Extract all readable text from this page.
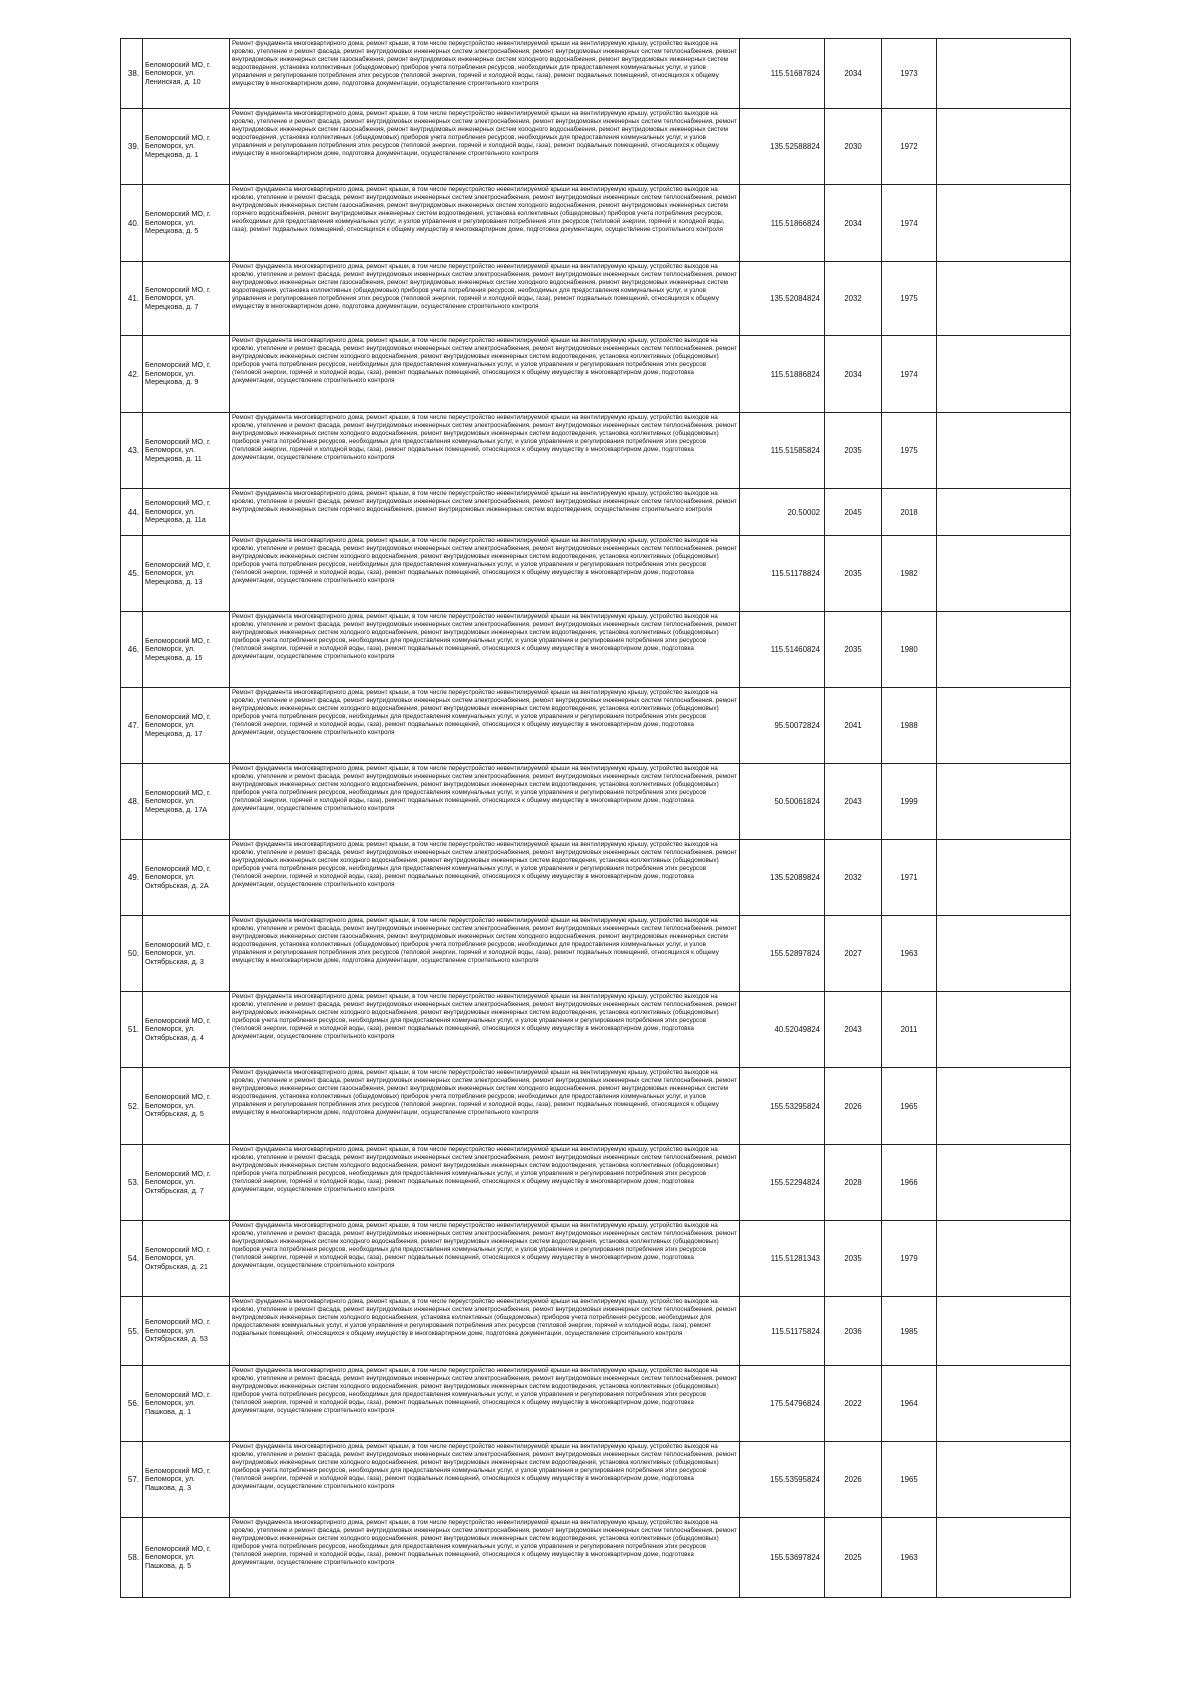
38.	Беломорский МО, г. Беломорск, ул. Ленинская, д. 10	Ремонт фундамента многоквартирного дома, ремонт крыши, в том числе переустройство невентилируемой крыши на вентилируемую крышу, устройство выходов на кровлю, утепление и ремонт фасада, ремонт внутридомовых инженерных систем электроснабжения, ремонт внутридомовых инженерных систем теплоснабжения, ремонт внутридомовых инженерных систем газоснабжения, ремонт внутридомовых инженерных систем холодного водоснабжения, ремонт внутридомовых инженерных систем водоотведения, установка коллективных (общедомовых) приборов учета потребления ресурсов, необходимых для предоставления коммунальных услуг, и узлов управления и регулирования потребления этих ресурсов (тепловой энергии, горячей и холодной воды, газа), ремонт подвальных помещений, относящихся к общему имуществу в многоквартирном доме, подготовка документации, осуществление строительного контроля	115.51687824	2034	1973	
39.	Беломорский МО, г. Беломорск, ул. Мерецкова, д. 1	Ремонт фундамента многоквартирного дома, ремонт крыши, в том числе переустройство невентилируемой крыши на вентилируемую крышу, устройство выходов на кровлю, утепление и ремонт фасада, ремонт внутридомовых инженерных систем электроснабжения, ремонт внутридомовых инженерных систем теплоснабжения, ремонт внутридомовых инженерных систем газоснабжения, ремонт внутридомовых инженерных систем холодного водоснабжения, ремонт внутридомовых инженерных систем водоотведения, установка коллективных (общедомовых) приборов учета потребления ресурсов, необходимых для предоставления коммунальных услуг, и узлов управления и регулирования потребления этих ресурсов (тепловой энергии, горячей и холодной воды, газа), ремонт подвальных помещений, относящихся к общему имуществу в многоквартирном доме, подготовка документации, осуществление строительного контроля	135.52588824	2030	1972	
40.	Беломорский МО, г. Беломорск, ул. Мерецкова, д. 5	Ремонт фундамента многоквартирного дома, ремонт крыши, в том числе переустройство невентилируемой крыши на вентилируемую крышу, устройство выходов на кровлю, утепление и ремонт фасада, ремонт внутридомовых инженерных систем электроснабжения, ремонт внутридомовых инженерных систем теплоснабжения, ремонт внутридомовых инженерных систем газоснабжения, ремонт внутридомовых инженерных систем холодного водоснабжения, ремонт внутридомовых инженерных систем горячего водоснабжения, ремонт внутридомовых инженерных систем водоотведения, установка коллективных (общедомовых) приборов учета потребления ресурсов, необходимых для предоставления коммунальных услуг, и узлов управления и регулирования потребления этих ресурсов (тепловой энергии, горячей и холодной воды, газа), ремонт подвальных помещений, относящихся к общему имуществу в многоквартирном доме, подготовка документации, осуществление строительного контроля	115.51866824	2034	1974	
41.	Беломорский МО, г. Беломорск, ул. Мерецкова, д. 7	Ремонт фундамента многоквартирного дома, ремонт крыши, в том числе переустройство невентилируемой крыши на вентилируемую крышу, устройство выходов на кровлю, утепление и ремонт фасада, ремонт внутридомовых инженерных систем электроснабжения, ремонт внутридомовых инженерных систем теплоснабжения, ремонт внутридомовых инженерных систем газоснабжения, ремонт внутридомовых инженерных систем холодного водоснабжения, ремонт внутридомовых инженерных систем водоотведения, установка коллективных (общедомовых) приборов учета потребления ресурсов, необходимых для предоставления коммунальных услуг, и узлов управления и регулирования потребления этих ресурсов (тепловой энергии, горячей и холодной воды, газа), ремонт подвальных помещений, относящихся к общему имуществу в многоквартирном доме, подготовка документации, осуществление строительного контроля	135.52084824	2032	1975	
42.	Беломорский МО, г. Беломорск, ул. Мерецкова, д. 9	Ремонт фундамента многоквартирного дома, ремонт крыши, в том числе переустройство невентилируемой крыши на вентилируемую крышу, устройство выходов на кровлю, утепление и ремонт фасада, ремонт внутридомовых инженерных систем электроснабжения, ремонт внутридомовых инженерных систем теплоснабжения, ремонт внутридомовых инженерных систем холодного водоснабжения, ремонт внутридомовых инженерных систем водоотведения, установка коллективных (общедомовых) приборов учета потребления ресурсов, необходимых для предоставления коммунальных услуг, и узлов управления и регулирования потребления этих ресурсов (тепловой энергии, горячей и холодной воды, газа), ремонт подвальных помещений, относящихся к общему имуществу в многоквартирном доме, подготовка документации, осуществление строительного контроля	115.51886824	2034	1974	
43.	Беломорский МО, г. Беломорск, ул. Мерецкова, д. 11	Ремонт фундамента многоквартирного дома, ремонт крыши, в том числе переустройство невентилируемой крыши на вентилируемую крышу, устройство выходов на кровлю, утепление и ремонт фасада, ремонт внутридомовых инженерных систем электроснабжения, ремонт внутридомовых инженерных систем теплоснабжения, ремонт внутридомовых инженерных систем холодного водоснабжения, ремонт внутридомовых инженерных систем водоотведения, установка коллективных (общедомовых) приборов учета потребления ресурсов, необходимых для предоставления коммунальных услуг, и узлов управления и регулирования потребления этих ресурсов (тепловой энергии, горячей и холодной воды, газа), ремонт подвальных помещений, относящихся к общему имуществу в многоквартирном доме, подготовка документации, осуществление строительного контроля	115.51585824	2035	1975	
44.	Беломорский МО, г. Беломорск, ул. Мерецкова, д. 11а	Ремонт фундамента многоквартирного дома, ремонт крыши, в том числе переустройство невентилируемой крыши на вентилируемую крышу, устройство выходов на кровлю, утепление и ремонт фасада, ремонт внутридомовых инженерных систем электроснабжения, ремонт внутридомовых инженерных систем теплоснабжения, ремонт внутридомовых инженерных систем горячего водоснабжения, ремонт внутридомовых инженерных систем водоотведения, осуществление строительного контроля	20.50002	2045	2018	
45.	Беломорский МО, г. Беломорск, ул. Мерецкова, д. 13	Ремонт фундамента многоквартирного дома, ремонт крыши, в том числе переустройство невентилируемой крыши на вентилируемую крышу, устройство выходов на кровлю, утепление и ремонт фасада, ремонт внутридомовых инженерных систем электроснабжения, ремонт внутридомовых инженерных систем теплоснабжения, ремонт внутридомовых инженерных систем холодного водоснабжения, ремонт внутридомовых инженерных систем водоотведения, установка коллективных (общедомовых) приборов учета потребления ресурсов, необходимых для предоставления коммунальных услуг, и узлов управления и регулирования потребления этих ресурсов (тепловой энергии, горячей и холодной воды, газа), ремонт подвальных помещений, относящихся к общему имуществу в многоквартирном доме, подготовка документации, осуществление строительного контроля	115.51178824	2035	1982	
46.	Беломорский МО, г. Беломорск, ул. Мерецкова, д. 15	Ремонт фундамента многоквартирного дома, ремонт крыши, в том числе переустройство невентилируемой крыши на вентилируемую крышу, устройство выходов на кровлю, утепление и ремонт фасада, ремонт внутридомовых инженерных систем электроснабжения, ремонт внутридомовых инженерных систем теплоснабжения, ремонт внутридомовых инженерных систем холодного водоснабжения, ремонт внутридомовых инженерных систем водоотведения, установка коллективных (общедомовых) приборов учета потребления ресурсов, необходимых для предоставления коммунальных услуг, и узлов управления и регулирования потребления этих ресурсов (тепловой энергии, горячей и холодной воды, газа), ремонт подвальных помещений, относящихся к общему имуществу в многоквартирном доме, подготовка документации, осуществление строительного контроля	115.51460824	2035	1980	
47.	Беломорский МО, г. Беломорск, ул. Мерецкова, д. 17	Ремонт фундамента многоквартирного дома, ремонт крыши, в том числе переустройство невентилируемой крыши на вентилируемую крышу, устройство выходов на кровлю, утепление и ремонт фасада, ремонт внутридомовых инженерных систем электроснабжения, ремонт внутридомовых инженерных систем теплоснабжения, ремонт внутридомовых инженерных систем холодного водоснабжения, ремонт внутридомовых инженерных систем водоотведения, установка коллективных (общедомовых) приборов учета потребления ресурсов, необходимых для предоставления коммунальных услуг, и узлов управления и регулирования потребления этих ресурсов (тепловой энергии, горячей и холодной воды, газа), ремонт подвальных помещений, относящихся к общему имуществу в многоквартирном доме, подготовка документации, осуществление строительного контроля	95.50072824	2041	1988	
48.	Беломорский МО, г. Беломорск, ул. Мерецкова, д. 17А	Ремонт фундамента многоквартирного дома, ремонт крыши, в том числе переустройство невентилируемой крыши на вентилируемую крышу, устройство выходов на кровлю, утепление и ремонт фасада, ремонт внутридомовых инженерных систем электроснабжения, ремонт внутридомовых инженерных систем теплоснабжения, ремонт внутридомовых инженерных систем холодного водоснабжения, ремонт внутридомовых инженерных систем водоотведения, установка коллективных (общедомовых) приборов учета потребления ресурсов, необходимых для предоставления коммунальных услуг, и узлов управления и регулирования потребления этих ресурсов (тепловой энергии, горячей и холодной воды, газа), ремонт подвальных помещений, относящихся к общему имуществу в многоквартирном доме, подготовка документации, осуществление строительного контроля	50.50061824	2043	1999	
49.	Беломорский МО, г. Беломорск, ул. Октябрьская, д. 2А	Ремонт фундамента многоквартирного дома, ремонт крыши, в том числе переустройство невентилируемой крыши на вентилируемую крышу, устройство выходов на кровлю, утепление и ремонт фасада, ремонт внутридомовых инженерных систем электроснабжения, ремонт внутридомовых инженерных систем теплоснабжения, ремонт внутридомовых инженерных систем холодного водоснабжения, ремонт внутридомовых инженерных систем водоотведения, установка коллективных (общедомовых) приборов учета потребления ресурсов, необходимых для предоставления коммунальных услуг, и узлов управления и регулирования потребления этих ресурсов (тепловой энергии, горячей и холодной воды, газа), ремонт подвальных помещений, относящихся к общему имуществу в многоквартирном доме, подготовка документации, осуществление строительного контроля	135.52089824	2032	1971	
50.	Беломорский МО, г. Беломорск, ул. Октябрьская, д. 3	Ремонт фундамента многоквартирного дома, ремонт крыши, в том числе переустройство невентилируемой крыши на вентилируемую крышу, устройство выходов на кровлю, утепление и ремонт фасада, ремонт внутридомовых инженерных систем электроснабжения, ремонт внутридомовых инженерных систем теплоснабжения, ремонт внутридомовых инженерных систем газоснабжения, ремонт внутридомовых инженерных систем холодного водоснабжения, ремонт внутридомовых инженерных систем водоотведения, установка коллективных (общедомовых) приборов учета потребления ресурсов, необходимых для предоставления коммунальных услуг, и узлов управления и регулирования потребления этих ресурсов (тепловой энергии, горячей и холодной воды, газа), ремонт подвальных помещений, относящихся к общему имуществу в многоквартирном доме, подготовка документации, осуществление строительного контроля	155.52897824	2027	1963	
51.	Беломорский МО, г. Беломорск, ул. Октябрьская, д. 4	Ремонт фундамента многоквартирного дома, ремонт крыши, в том числе переустройство невентилируемой крыши на вентилируемую крышу, устройство выходов на кровлю, утепление и ремонт фасада, ремонт внутридомовых инженерных систем электроснабжения, ремонт внутридомовых инженерных систем теплоснабжения, ремонт внутридомовых инженерных систем холодного водоснабжения, ремонт внутридомовых инженерных систем водоотведения, установка коллективных (общедомовых) приборов учета потребления ресурсов, необходимых для предоставления коммунальных услуг, и узлов управления и регулирования потребления этих ресурсов (тепловой энергии, горячей и холодной воды, газа), ремонт подвальных помещений, относящихся к общему имуществу в многоквартирном доме, подготовка документации, осуществление строительного контроля	40.52049824	2043	2011	
52.	Беломорский МО, г. Беломорск, ул. Октябрьская, д. 5	Ремонт фундамента многоквартирного дома, ремонт крыши, в том числе переустройство невентилируемой крыши на вентилируемую крышу, устройство выходов на кровлю, утепление и ремонт фасада, ремонт внутридомовых инженерных систем электроснабжения, ремонт внутридомовых инженерных систем теплоснабжения, ремонт внутридомовых инженерных систем газоснабжения, ремонт внутридомовых инженерных систем холодного водоснабжения, ремонт внутридомовых инженерных систем водоотведения, установка коллективных (общедомовых) приборов учета потребления ресурсов, необходимых для предоставления коммунальных услуг, и узлов управления и регулирования потребления этих ресурсов (тепловой энергии, горячей и холодной воды, газа), ремонт подвальных помещений, относящихся к общему имуществу в многоквартирном доме, подготовка документации, осуществление строительного контроля	155.53295824	2026	1965	
53.	Беломорский МО, г. Беломорск, ул. Октябрьская, д. 7	Ремонт фундамента многоквартирного дома, ремонт крыши, в том числе переустройство невентилируемой крыши на вентилируемую крышу, устройство выходов на кровлю, утепление и ремонт фасада, ремонт внутридомовых инженерных систем электроснабжения, ремонт внутридомовых инженерных систем теплоснабжения, ремонт внутридомовых инженерных систем холодного водоснабжения, ремонт внутридомовых инженерных систем водоотведения, установка коллективных (общедомовых) приборов учета потребления ресурсов, необходимых для предоставления коммунальных услуг, и узлов управления и регулирования потребления этих ресурсов (тепловой энергии, горячей и холодной воды, газа), ремонт подвальных помещений, относящихся к общему имуществу в многоквартирном доме, подготовка документации, осуществление строительного контроля	155.52294824	2028	1966	
54.	Беломорский МО, г. Беломорск, ул. Октябрьская, д. 21	Ремонт фундамента многоквартирного дома, ремонт крыши, в том числе переустройство невентилируемой крыши на вентилируемую крышу, устройство выходов на кровлю, утепление и ремонт фасада, ремонт внутридомовых инженерных систем электроснабжения, ремонт внутридомовых инженерных систем теплоснабжения, ремонт внутридомовых инженерных систем холодного водоснабжения, ремонт внутридомовых инженерных систем водоотведения, установка коллективных (общедомовых) приборов учета потребления ресурсов, необходимых для предоставления коммунальных услуг, и узлов управления и регулирования потребления этих ресурсов (тепловой энергии, горячей и холодной воды, газа), ремонт подвальных помещений, относящихся к общему имуществу в многоквартирном доме, подготовка документации, осуществление строительного контроля	115.51281343	2035	1979	
55.	Беломорский МО, г. Беломорск, ул. Октябрьская, д. 53	Ремонт фундамента многоквартирного дома, ремонт крыши, в том числе переустройство невентилируемой крыши на вентилируемую крышу, устройство выходов на кровлю, утепление и ремонт фасада, ремонт внутридомовых инженерных систем электроснабжения, ремонт внутридомовых инженерных систем теплоснабжения, ремонт внутридомовых инженерных систем холодного водоснабжения, установка коллективных (общедомовых) приборов учета потребления ресурсов, необходимых для предоставления коммунальных услуг, и узлов управления и регулирования потребления этих ресурсов (тепловой энергии, горячей и холодной воды, газа), ремонт подвальных помещений, относящихся к общему имуществу в многоквартирном доме, подготовка документации, осуществление строительного контроля	115.51175824	2036	1985	
56.	Беломорский МО, г. Беломорск, ул. Пашкова, д. 1	Ремонт фундамента многоквартирного дома, ремонт крыши, в том числе переустройство невентилируемой крыши на вентилируемую крышу, устройство выходов на кровлю, утепление и ремонт фасада, ремонт внутридомовых инженерных систем электроснабжения, ремонт внутридомовых инженерных систем теплоснабжения, ремонт внутридомовых инженерных систем холодного водоснабжения, ремонт внутридомовых инженерных систем водоотведения, установка коллективных (общедомовых) приборов учета потребления ресурсов, необходимых для предоставления коммунальных услуг, и узлов управления и регулирования потребления этих ресурсов (тепловой энергии, горячей и холодной воды, газа), ремонт подвальных помещений, относящихся к общему имуществу в многоквартирном доме, подготовка документации, осуществление строительного контроля	175.54796824	2022	1964	
57.	Беломорский МО, г. Беломорск, ул. Пашкова, д. 3	Ремонт фундамента многоквартирного дома, ремонт крыши, в том числе переустройство невентилируемой крыши на вентилируемую крышу, устройство выходов на кровлю, утепление и ремонт фасада, ремонт внутридомовых инженерных систем электроснабжения, ремонт внутридомовых инженерных систем теплоснабжения, ремонт внутридомовых инженерных систем холодного водоснабжения, ремонт внутридомовых инженерных систем водоотведения, установка коллективных (общедомовых) приборов учета потребления ресурсов, необходимых для предоставления коммунальных услуг, и узлов управления и регулирования потребления этих ресурсов (тепловой энергии, горячей и холодной воды, газа), ремонт подвальных помещений, относящихся к общему имуществу в многоквартирном доме, подготовка документации, осуществление строительного контроля	155.53595824	2026	1965	
58.	Беломорский МО, г. Беломорск, ул. Пашкова, д. 5	Ремонт фундамента многоквартирного дома, ремонт крыши, в том числе переустройство невентилируемой крыши на вентилируемую крышу, устройство выходов на кровлю, утепление и ремонт фасада, ремонт внутридомовых инженерных систем электроснабжения, ремонт внутридомовых инженерных систем теплоснабжения, ремонт внутридомовых инженерных систем холодного водоснабжения, ремонт внутридомовых инженерных систем водоотведения, установка коллективных (общедомовых) приборов учета потребления ресурсов, необходимых для предоставления коммунальных услуг, и узлов управления и регулирования потребления этих ресурсов (тепловой энергии, горячей и холодной воды, газа), ремонт подвальных помещений, относящихся к общему имуществу в многоквартирном доме, подготовка документации, осуществление строительного контроля	155.53697824	2025	1963	
